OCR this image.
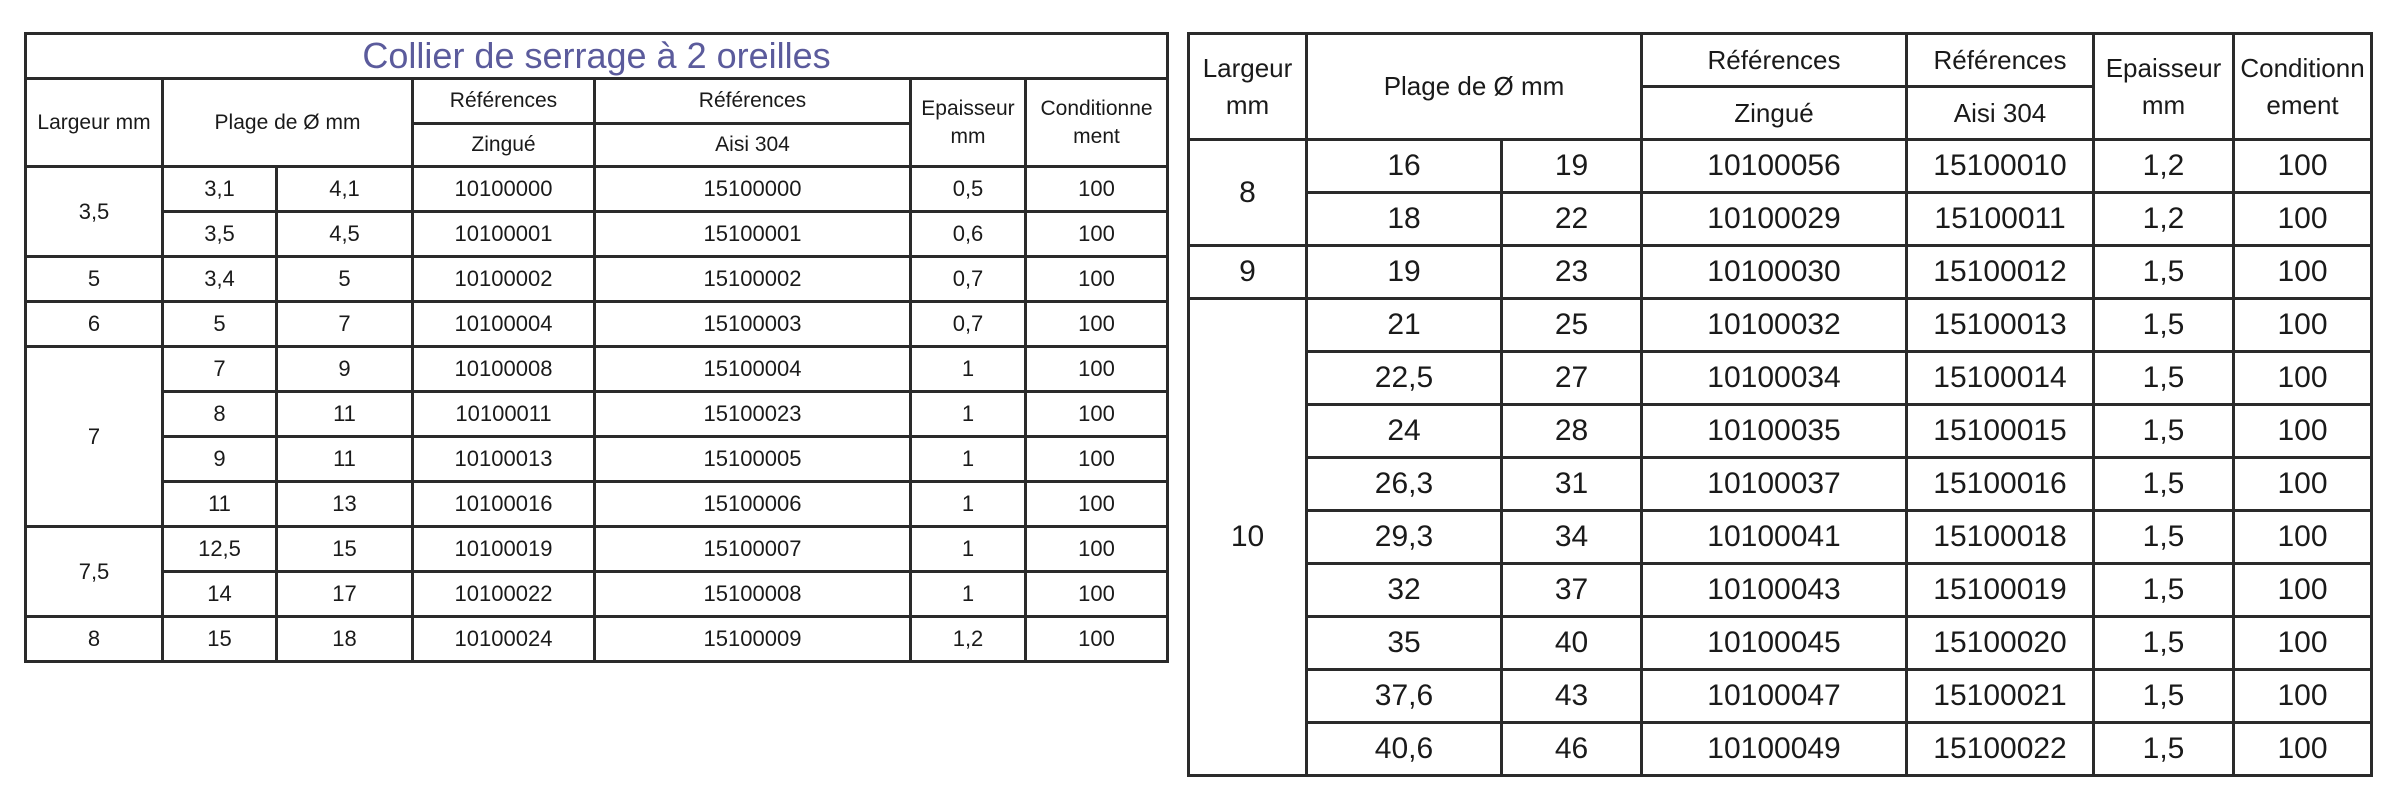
Collier de serrage à 2 oreilles						
Largeur mm	Plage de Ø mm		Références	Références	Epaisseur mm	Conditionne ment
			Zingué	Aisi 304		
3,5	3,1	4,1	10100000	15100000	0,5	100
	3,5	4,5	10100001	15100001	0,6	100
5	3,4	5	10100002	15100002	0,7	100
6	5	7	10100004	15100003	0,7	100
7	7	9	10100008	15100004	1	100
	8	11	10100011	15100023	1	100
	9	11	10100013	15100005	1	100
	11	13	10100016	15100006	1	100
7,5	12,5	15	10100019	15100007	1	100
	14	17	10100022	15100008	1	100
8	15	18	10100024	15100009	1,2	100
Largeur mm	Plage de Ø mm		Références	Références	Epaisseur mm	Conditionn ement
			Zingué	Aisi 304		
8	16	19	10100056	15100010	1,2	100
	18	22	10100029	15100011	1,2	100
9	19	23	10100030	15100012	1,5	100
10	21	25	10100032	15100013	1,5	100
	22,5	27	10100034	15100014	1,5	100
	24	28	10100035	15100015	1,5	100
	26,3	31	10100037	15100016	1,5	100
	29,3	34	10100041	15100018	1,5	100
	32	37	10100043	15100019	1,5	100
	35	40	10100045	15100020	1,5	100
	37,6	43	10100047	15100021	1,5	100
	40,6	46	10100049	15100022	1,5	100
